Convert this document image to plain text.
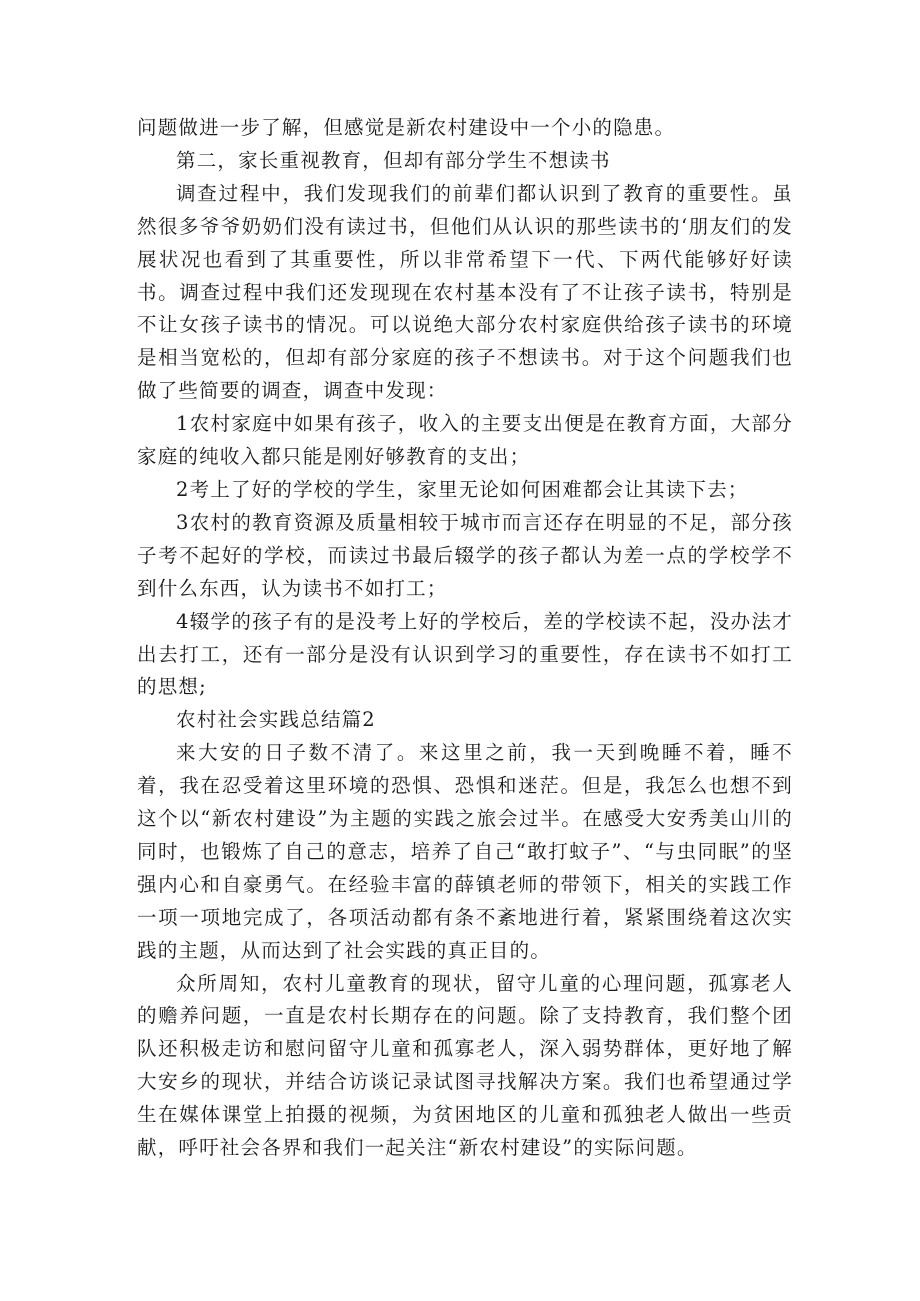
问题做进一步了解，但感觉是新农村建设中一个小的隐患。

第二，家长重视教育，但却有部分学生不想读书

调查过程中，我们发现我们的前辈们都认识到了教育的重要性。虽然很多爷爷奶奶们没有读过书，但他们从认识的那些读书的‘朋友们的发展状况也看到了其重要性，所以非常希望下一代、下两代能够好好读书。调查过程中我们还发现现在农村基本没有了不让孩子读书，特别是不让女孩子读书的情况。可以说绝大部分农村家庭供给孩子读书的环境是相当宽松的，但却有部分家庭的孩子不想读书。对于这个问题我们也做了些简要的调查，调查中发现：

1农村家庭中如果有孩子，收入的主要支出便是在教育方面，大部分家庭的纯收入都只能是刚好够教育的支出；

2考上了好的学校的学生，家里无论如何困难都会让其读下去；

3农村的教育资源及质量相较于城市而言还存在明显的不足，部分孩子考不起好的学校，而读过书最后辍学的孩子都认为差一点的学校学不到什么东西，认为读书不如打工；

4辍学的孩子有的是没考上好的学校后，差的学校读不起，没办法才出去打工，还有一部分是没有认识到学习的重要性，存在读书不如打工的思想;

农村社会实践总结篇2

来大安的日子数不清了。来这里之前，我一天到晚睡不着，睡不着，我在忍受着这里环境的恐惧、恐惧和迷茫。但是，我怎么也想不到这个以“新农村建设”为主题的实践之旅会过半。在感受大安秀美山川的同时，也锻炼了自己的意志，培养了自己“敢打蚊子”、“与虫同眠”的坚强内心和自豪勇气。在经验丰富的薛镇老师的带领下，相关的实践工作一项一项地完成了，各项活动都有条不紊地进行着，紧紧围绕着这次实践的主题，从而达到了社会实践的真正目的。

众所周知，农村儿童教育的现状，留守儿童的心理问题，孤寡老人的赡养问题，一直是农村长期存在的问题。除了支持教育，我们整个团队还积极走访和慰问留守儿童和孤寡老人，深入弱势群体，更好地了解大安乡的现状，并结合访谈记录试图寻找解决方案。我们也希望通过学生在媒体课堂上拍摄的视频，为贫困地区的儿童和孤独老人做出一些贡献，呼吁社会各界和我们一起关注“新农村建设”的实际问题。
